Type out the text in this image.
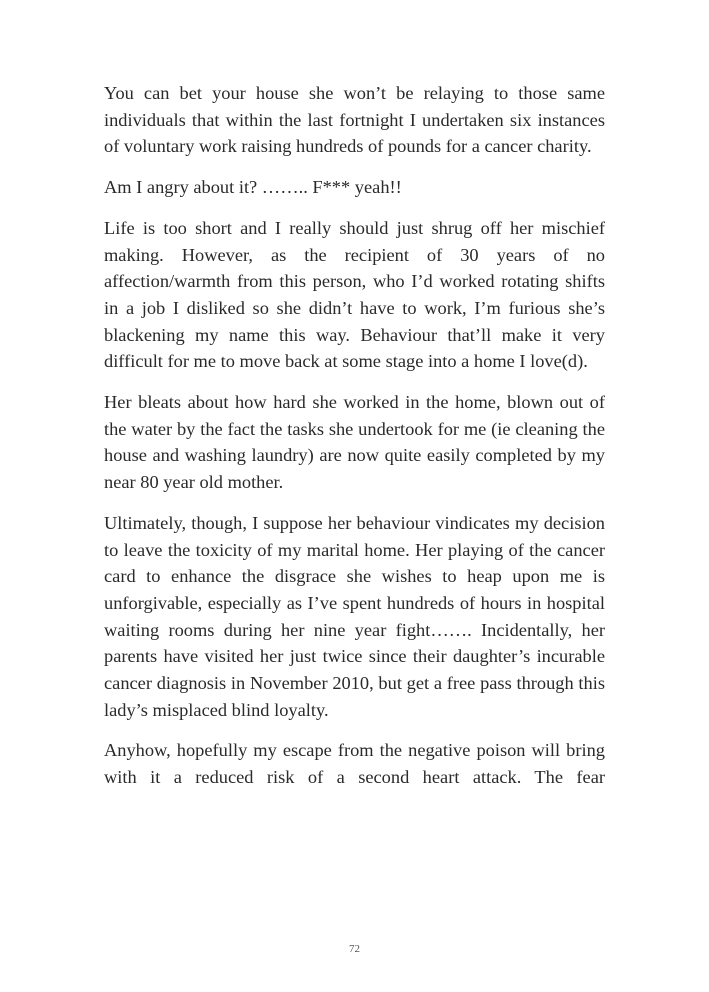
You can bet your house she won’t be relaying to those same individuals that within the last fortnight I undertaken six instances of voluntary work raising hundreds of pounds for a cancer charity.

Am I angry about it? …….. F*** yeah!!

Life is too short and I really should just shrug off her mischief making. However, as the recipient of 30 years of no affection/warmth from this person, who I’d worked rotating shifts in a job I disliked so she didn’t have to work, I’m furious she’s blackening my name this way. Behaviour that’ll make it very difficult for me to move back at some stage into a home I love(d).

Her bleats about how hard she worked in the home, blown out of the water by the fact the tasks she undertook for me (ie cleaning the house and washing laundry) are now quite easily completed by my near 80 year old mother.

Ultimately, though, I suppose her behaviour vindicates my decision to leave the toxicity of my marital home. Her playing of the cancer card to enhance the disgrace she wishes to heap upon me is unforgivable, especially as I’ve spent hundreds of hours in hospital waiting rooms during her nine year fight……. Incidentally, her parents have visited her just twice since their daughter’s incurable cancer diagnosis in November 2010, but get a free pass through this lady’s misplaced blind loyalty.

Anyhow, hopefully my escape from the negative poison will bring with it a reduced risk of a second heart attack. The fear

72
